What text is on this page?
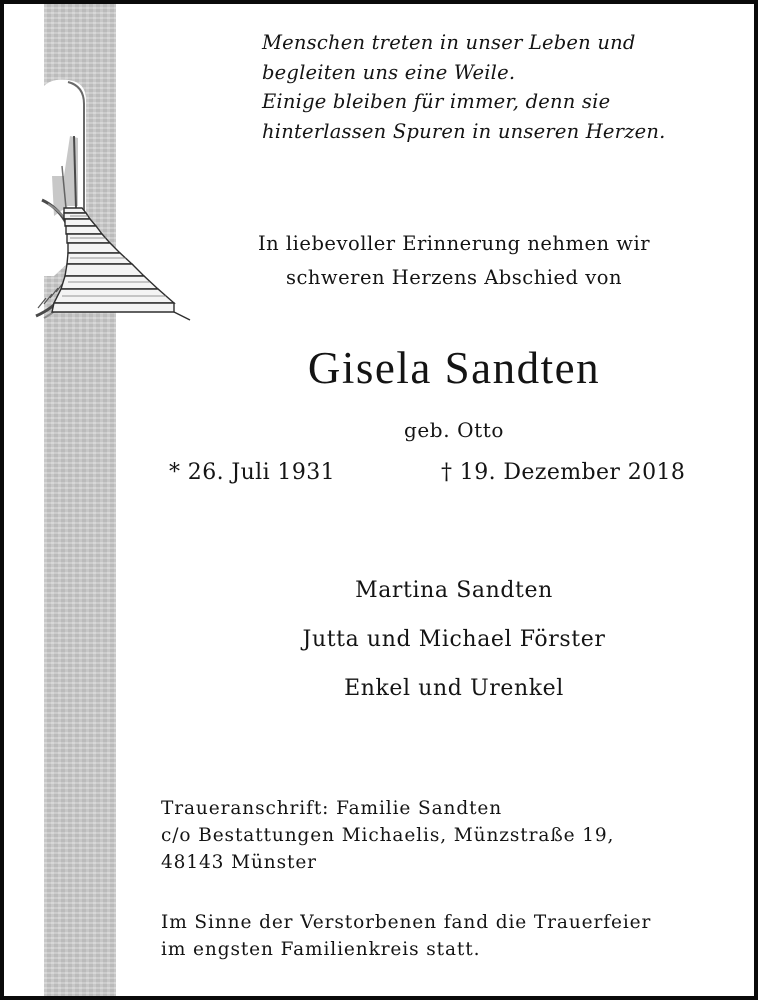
Menschen treten in unser Leben und
begleiten uns eine Weile.
Einige bleiben für immer, denn sie
hinterlassen Spuren in unseren Herzen.
In liebevoller Erinnerung nehmen wir
schweren Herzens Abschied von
Gisela Sandten
geb. Otto
* 26. Juli 1931	† 19. Dezember 2018
Martina Sandten
Jutta und Michael Förster
Enkel und Urenkel
Traueranschrift: Familie Sandten
c/o Bestattungen Michaelis, Münzstraße 19,
48143 Münster
Im Sinne der Verstorbenen fand die Trauerfeier
im engsten Familienkreis statt.
